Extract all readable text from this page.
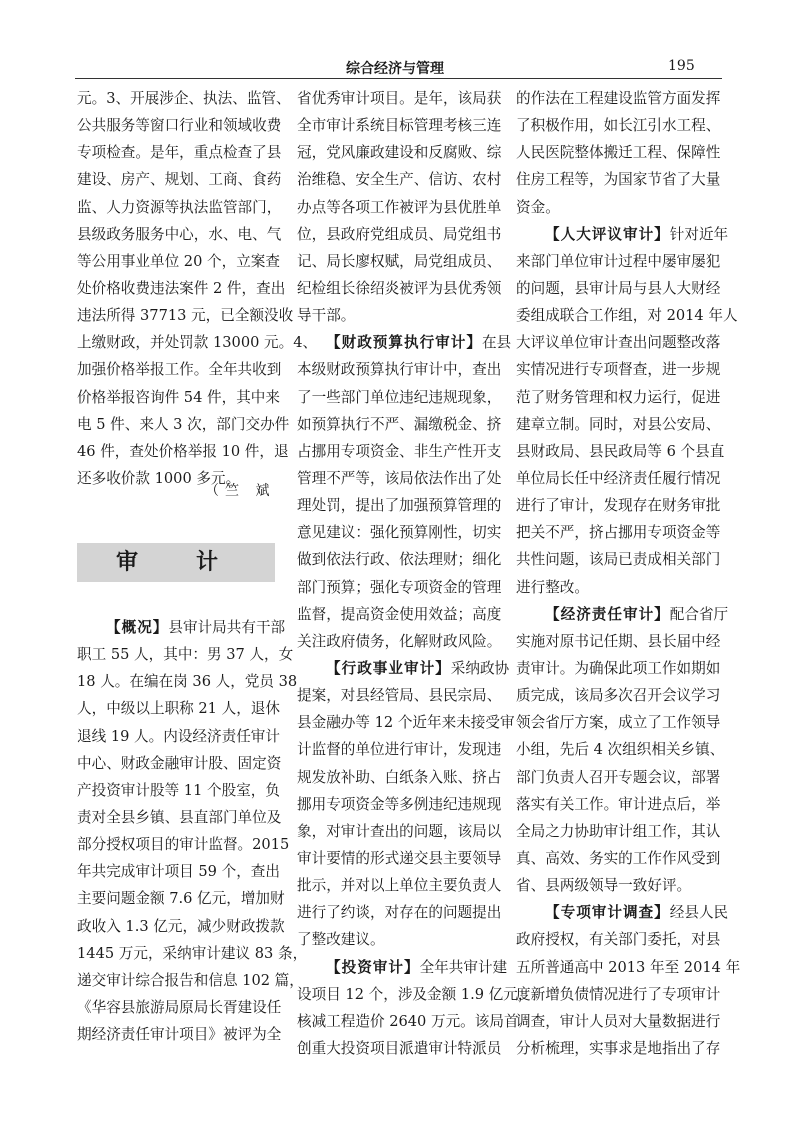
综合经济与管理	195
元。3、开展涉企、执法、监管、
公共服务等窗口行业和领域收费
专项检查。是年，重点检查了县
建设、房产、规划、工商、食药
监、人力资源等执法监管部门，
县级政务服务中心，水、电、气
等公用事业单位 20 个，立案查
处价格收费违法案件 2 件，查出
违法所得 37713 元，已全额没收
上缴财政，并处罚款 13000 元。4、
加强价格举报工作。全年共收到
价格举报咨询件 54 件，其中来
电 5 件、来人 3 次，部门交办件
46 件，查处价格举报 10 件，退
还多收价款 1000 多元。
（竺 斌
审　计
【概况】县审计局共有干部
职工 55 人，其中：男 37 人，女
18 人。在编在岗 36 人，党员 38
人，中级以上职称 21 人，退休
退线 19 人。内设经济责任审计
中心、财政金融审计股、固定资
产投资审计股等 11 个股室，负
责对全县乡镇、县直部门单位及
部分授权项目的审计监督。2015
年共完成审计项目 59 个，查出
主要问题金额 7.6 亿元，增加财
政收入 1.3 亿元，减少财政拨款
1445 万元，采纳审计建议 83 条，
递交审计综合报告和信息 102 篇，
《华容县旅游局原局长胥建设任
期经济责任审计项目》被评为全
省优秀审计项目。是年，该局获
全市审计系统目标管理考核三连
冠，党风廉政建设和反腐败、综
治维稳、安全生产、信访、农村
办点等各项工作被评为县优胜单
位，县政府党组成员、局党组书
记、局长廖权赋，局党组成员、
纪检组长徐绍炎被评为县优秀领
导干部。
【财政预算执行审计】在县
本级财政预算执行审计中，查出
了一些部门单位违纪违规现象，
如预算执行不严、漏缴税金、挤
占挪用专项资金、非生产性开支
管理不严等，该局依法作出了处
理处罚，提出了加强预算管理的
意见建议：强化预算刚性，切实
做到依法行政、依法理财；细化
部门预算；强化专项资金的管理
监督，提高资金使用效益；高度
关注政府债务，化解财政风险。
【行政事业审计】采纳政协
提案，对县经管局、县民宗局、
县金融办等 12 个近年来未接受审
计监督的单位进行审计，发现违
规发放补助、白纸条入账、挤占
挪用专项资金等多例违纪违规现
象，对审计查出的问题，该局以
审计要情的形式递交县主要领导
批示，并对以上单位主要负责人
进行了约谈，对存在的问题提出
了整改建议。
【投资审计】全年共审计建
设项目 12 个，涉及金额 1.9 亿元，
核减工程造价 2640 万元。该局首
创重大投资项目派遣审计特派员
的作法在工程建设监管方面发挥
了积极作用，如长江引水工程、
人民医院整体搬迁工程、保障性
住房工程等，为国家节省了大量
资金。
【人大评议审计】针对近年
来部门单位审计过程中屡审屡犯
的问题，县审计局与县人大财经
委组成联合工作组，对 2014 年人
大评议单位审计查出问题整改落
实情况进行专项督查，进一步规
范了财务管理和权力运行，促进
建章立制。同时，对县公安局、
县财政局、县民政局等 6 个县直
单位局长任中经济责任履行情况
进行了审计，发现存在财务审批
把关不严，挤占挪用专项资金等
共性问题，该局已责成相关部门
进行整改。
【经济责任审计】配合省厅
实施对原书记任期、县长届中经
责审计。为确保此项工作如期如
质完成，该局多次召开会议学习
领会省厅方案，成立了工作领导
小组，先后 4 次组织相关乡镇、
部门负责人召开专题会议，部署
落实有关工作。审计进点后，举
全局之力协助审计组工作，其认
真、高效、务实的工作作风受到
省、县两级领导一致好评。
【专项审计调查】经县人民
政府授权，有关部门委托，对县
五所普通高中 2013 年至 2014 年
度新增负债情况进行了专项审计
调查，审计人员对大量数据进行
分析梳理，实事求是地指出了存
